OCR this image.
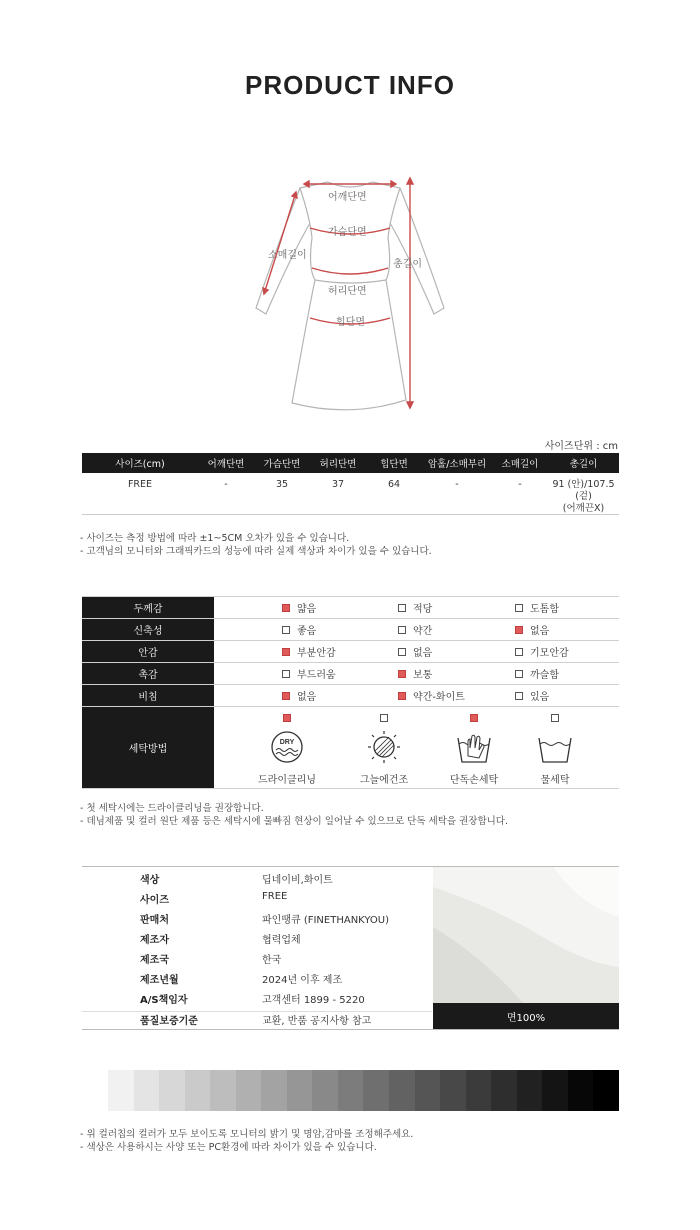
PRODUCT INFO
어깨단면
가슴단면
소매길이
총길이
허리단면
힙단면
사이즈단위 : cm
사이즈(cm)	어깨단면	가슴단면	허리단면	힙단면	암홀/소매부리	소매길이	총길이
FREE	-	35	37	64	-	-	91 (안)/107.5 (겉)
(어깨끈X)
- 사이즈는 측정 방법에 따라 ±1~5CM 오차가 있을 수 있습니다.
- 고객님의 모니터와 그래픽카드의 성능에 따라 실제 색상과 차이가 있을 수 있습니다.
두께감	얇음	적당	도톰함
신축성	좋음	약간	없음
안감	부분안감	없음	기모안감
촉감	부드러움	보통	까슬함
비침	없음	약간-화이트	있음
세탁방법
DRY
드라이클리닝	그늘에건조	단독손세탁	물세탁
- 첫 세탁시에는 드라이클리닝을 권장합니다.
- 데님제품 및 컬러 원단 제품 등은 세탁시에 물빠짐 현상이 일어날 수 있으므로 단독 세탁을 권장합니다.
색상	딥네이비,화이트
사이즈	FREE
판매처	파인땡큐 (FINETHANKYOU)
제조자	협력업체
제조국	한국
제조년월	2024년 이후 제조
A/S책임자	고객센터 1899 - 5220
품질보증기준	교환, 반품 공지사항 참고	면100%
- 위 컬러칩의 컬러가 모두 보이도록 모니터의 밝기 및 명암,감마를 조정해주세요.
- 색상은 사용하시는 사양 또는 PC환경에 따라 차이가 있을 수 있습니다.
